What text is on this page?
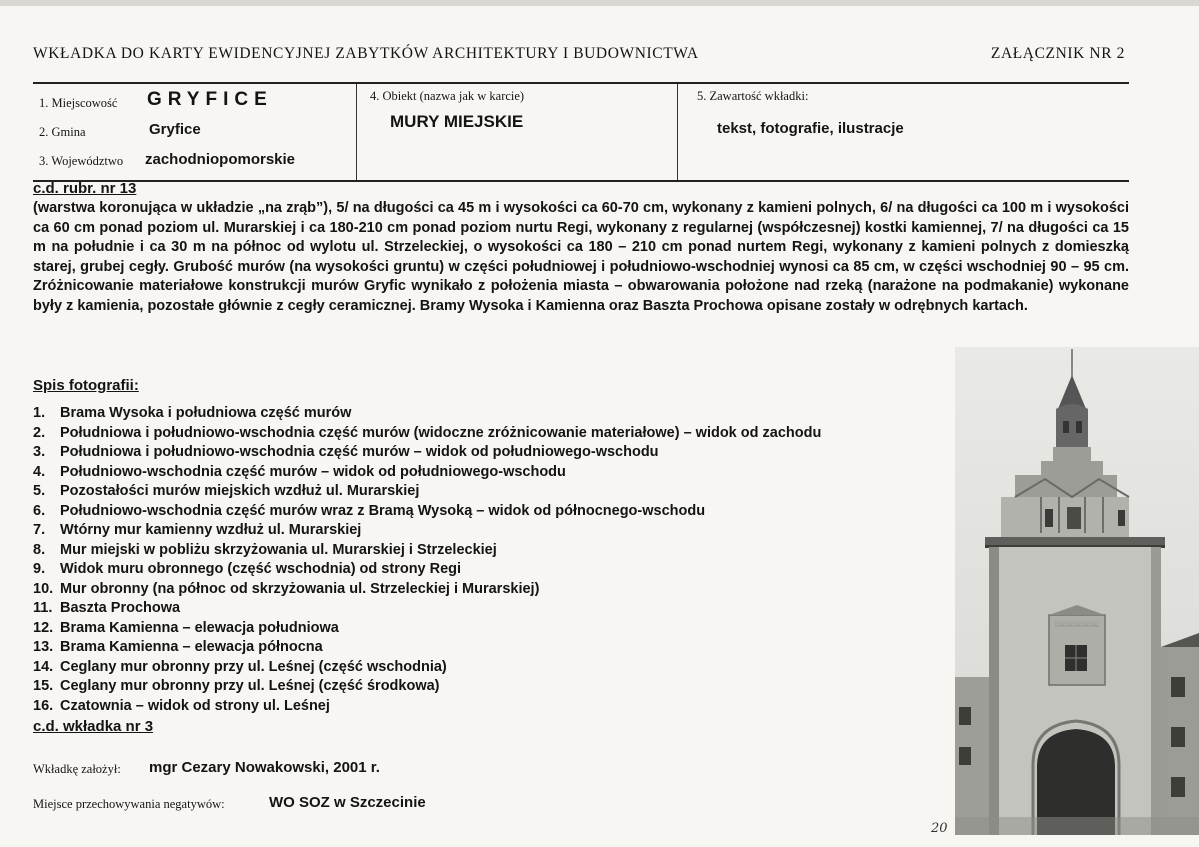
WKŁADKA DO KARTY EWIDENCYJNEJ ZABYTKÓW ARCHITEKTURY I BUDOWNICTWA	ZAŁĄCZNIK NR 2
1. Miejscowość GRYFICE
2. Gmina	Gryfice
3. Województwo zachodniopomorskie
4. Obiekt (nazwa jak w karcie)
MURY MIEJSKIE
5. Zawartość wkładki:
tekst, fotografie, ilustracje
c.d. rubr. nr 13
(warstwa koronująca w układzie „na zrąb”), 5/ na długości ca 45 m i wysokości ca 60-70 cm, wykonany z kamieni polnych, 6/ na długości ca 100 m i wysokości ca 60 cm ponad poziom ul. Murarskiej i ca 180-210 cm ponad poziom nurtu Regi, wykonany z regularnej (współczesnej) kostki kamiennej, 7/ na długości ca 15 m na południe i ca 30 m na północ od wylotu ul. Strzeleckiej, o wysokości ca 180 – 210 cm ponad nurtem Regi, wykonany z kamieni polnych z domieszką starej, grubej cegły. Grubość murów (na wysokości gruntu) w części południowej i południowo-wschodniej wynosi ca 85 cm, w części wschodniej 90 – 95 cm. Zróżnicowanie materiałowe konstrukcji murów Gryfic wynikało z położenia miasta – obwarowania położone nad rzeką (narażone na podmakanie) wykonane były z kamienia, pozostałe głównie z cegły ceramicznej. Bramy Wysoka i Kamienna oraz Baszta Prochowa opisane zostały w odrębnych kartach.
Spis fotografii:
1.	Brama Wysoka i południowa część murów
2.	Południowa i południowo-wschodnia część murów (widoczne zróżnicowanie materiałowe) – widok od zachodu
3.	Południowa i południowo-wschodnia część murów – widok od południowego-wschodu
4.	Południowo-wschodnia część murów – widok od południowego-wschodu
5.	Pozostałości murów miejskich wzdłuż ul. Murarskiej
6.	Południowo-wschodnia część murów wraz z Bramą Wysoką – widok od północnego-wschodu
7.	Wtórny mur kamienny wzdłuż ul. Murarskiej
8.	Mur miejski w pobliżu skrzyżowania ul. Murarskiej i Strzeleckiej
9.	Widok muru obronnego (część wschodnia) od strony Regi
10. Mur obronny (na północ od skrzyżowania ul. Strzeleckiej i Murarskiej)
11. Baszta Prochowa
12. Brama Kamienna – elewacja południowa
13. Brama Kamienna – elewacja północna
14. Ceglany mur obronny przy ul. Leśnej (część wschodnia)
15. Ceglany mur obronny przy ul. Leśnej (część środkowa)
16. Czatownia – widok od strony ul. Leśnej
c.d. wkładka nr 3
Wkładkę założył: mgr Cezary Nowakowski, 2001 r.
Miejsce przechowywania negatywów:	WO SOZ w Szczecinie
20
